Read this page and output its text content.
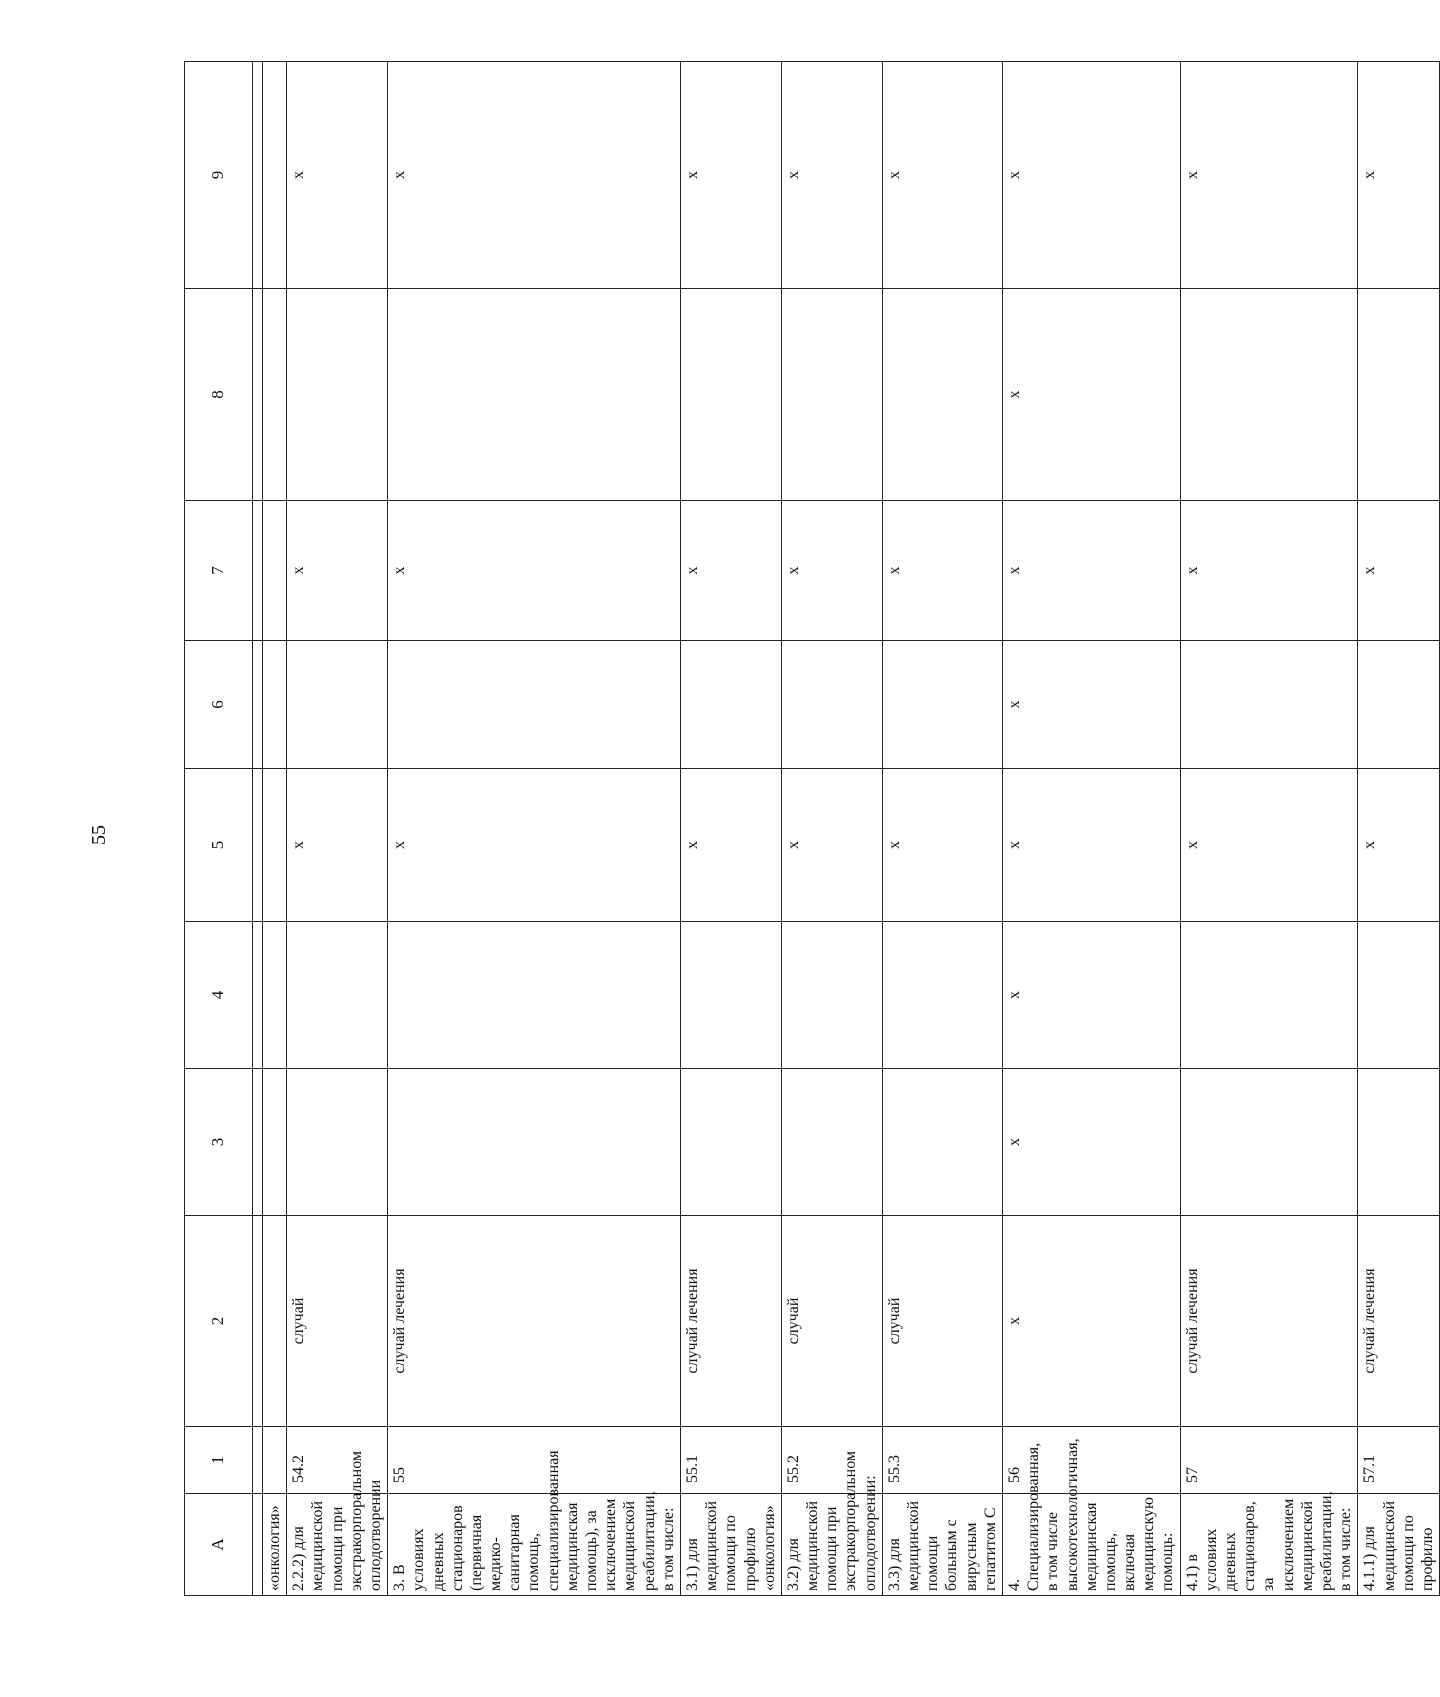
55
A	1	2	3	4	5	6	7	8	9

«онкология»									
2.2.2) для медицинской помощи при экстракорпоральном оплодотворении	54.2	случай			х		х		х
3. В условиях дневных стационаров (первичная медико-санитарная помощь, специализированная медицинская помощь), за исключением медицинской реабилитации, в том числе:	55	случай лечения			х		х		х
3.1) для медицинской помощи по профилю «онкология»	55.1	случай лечения			х		х		х
3.2) для медицинской помощи при экстракорпоральном оплодотворении:	55.2	случай			х		х		х
3.3) для медицинской помощи больным с вирусным гепатитом С	55.3	случай			х		х		х
4. Специализированная, в том числе высокотехнологичная, медицинская помощь, включая медицинскую помощь:	56	х	х	х	х	х	х	х	х
4.1) в условиях дневных стационаров, за исключением медицинской реабилитации, в том числе:	57	случай лечения			х		х		х
4.1.1) для медицинской помощи по профилю	57.1	случай лечения			х		х		х
